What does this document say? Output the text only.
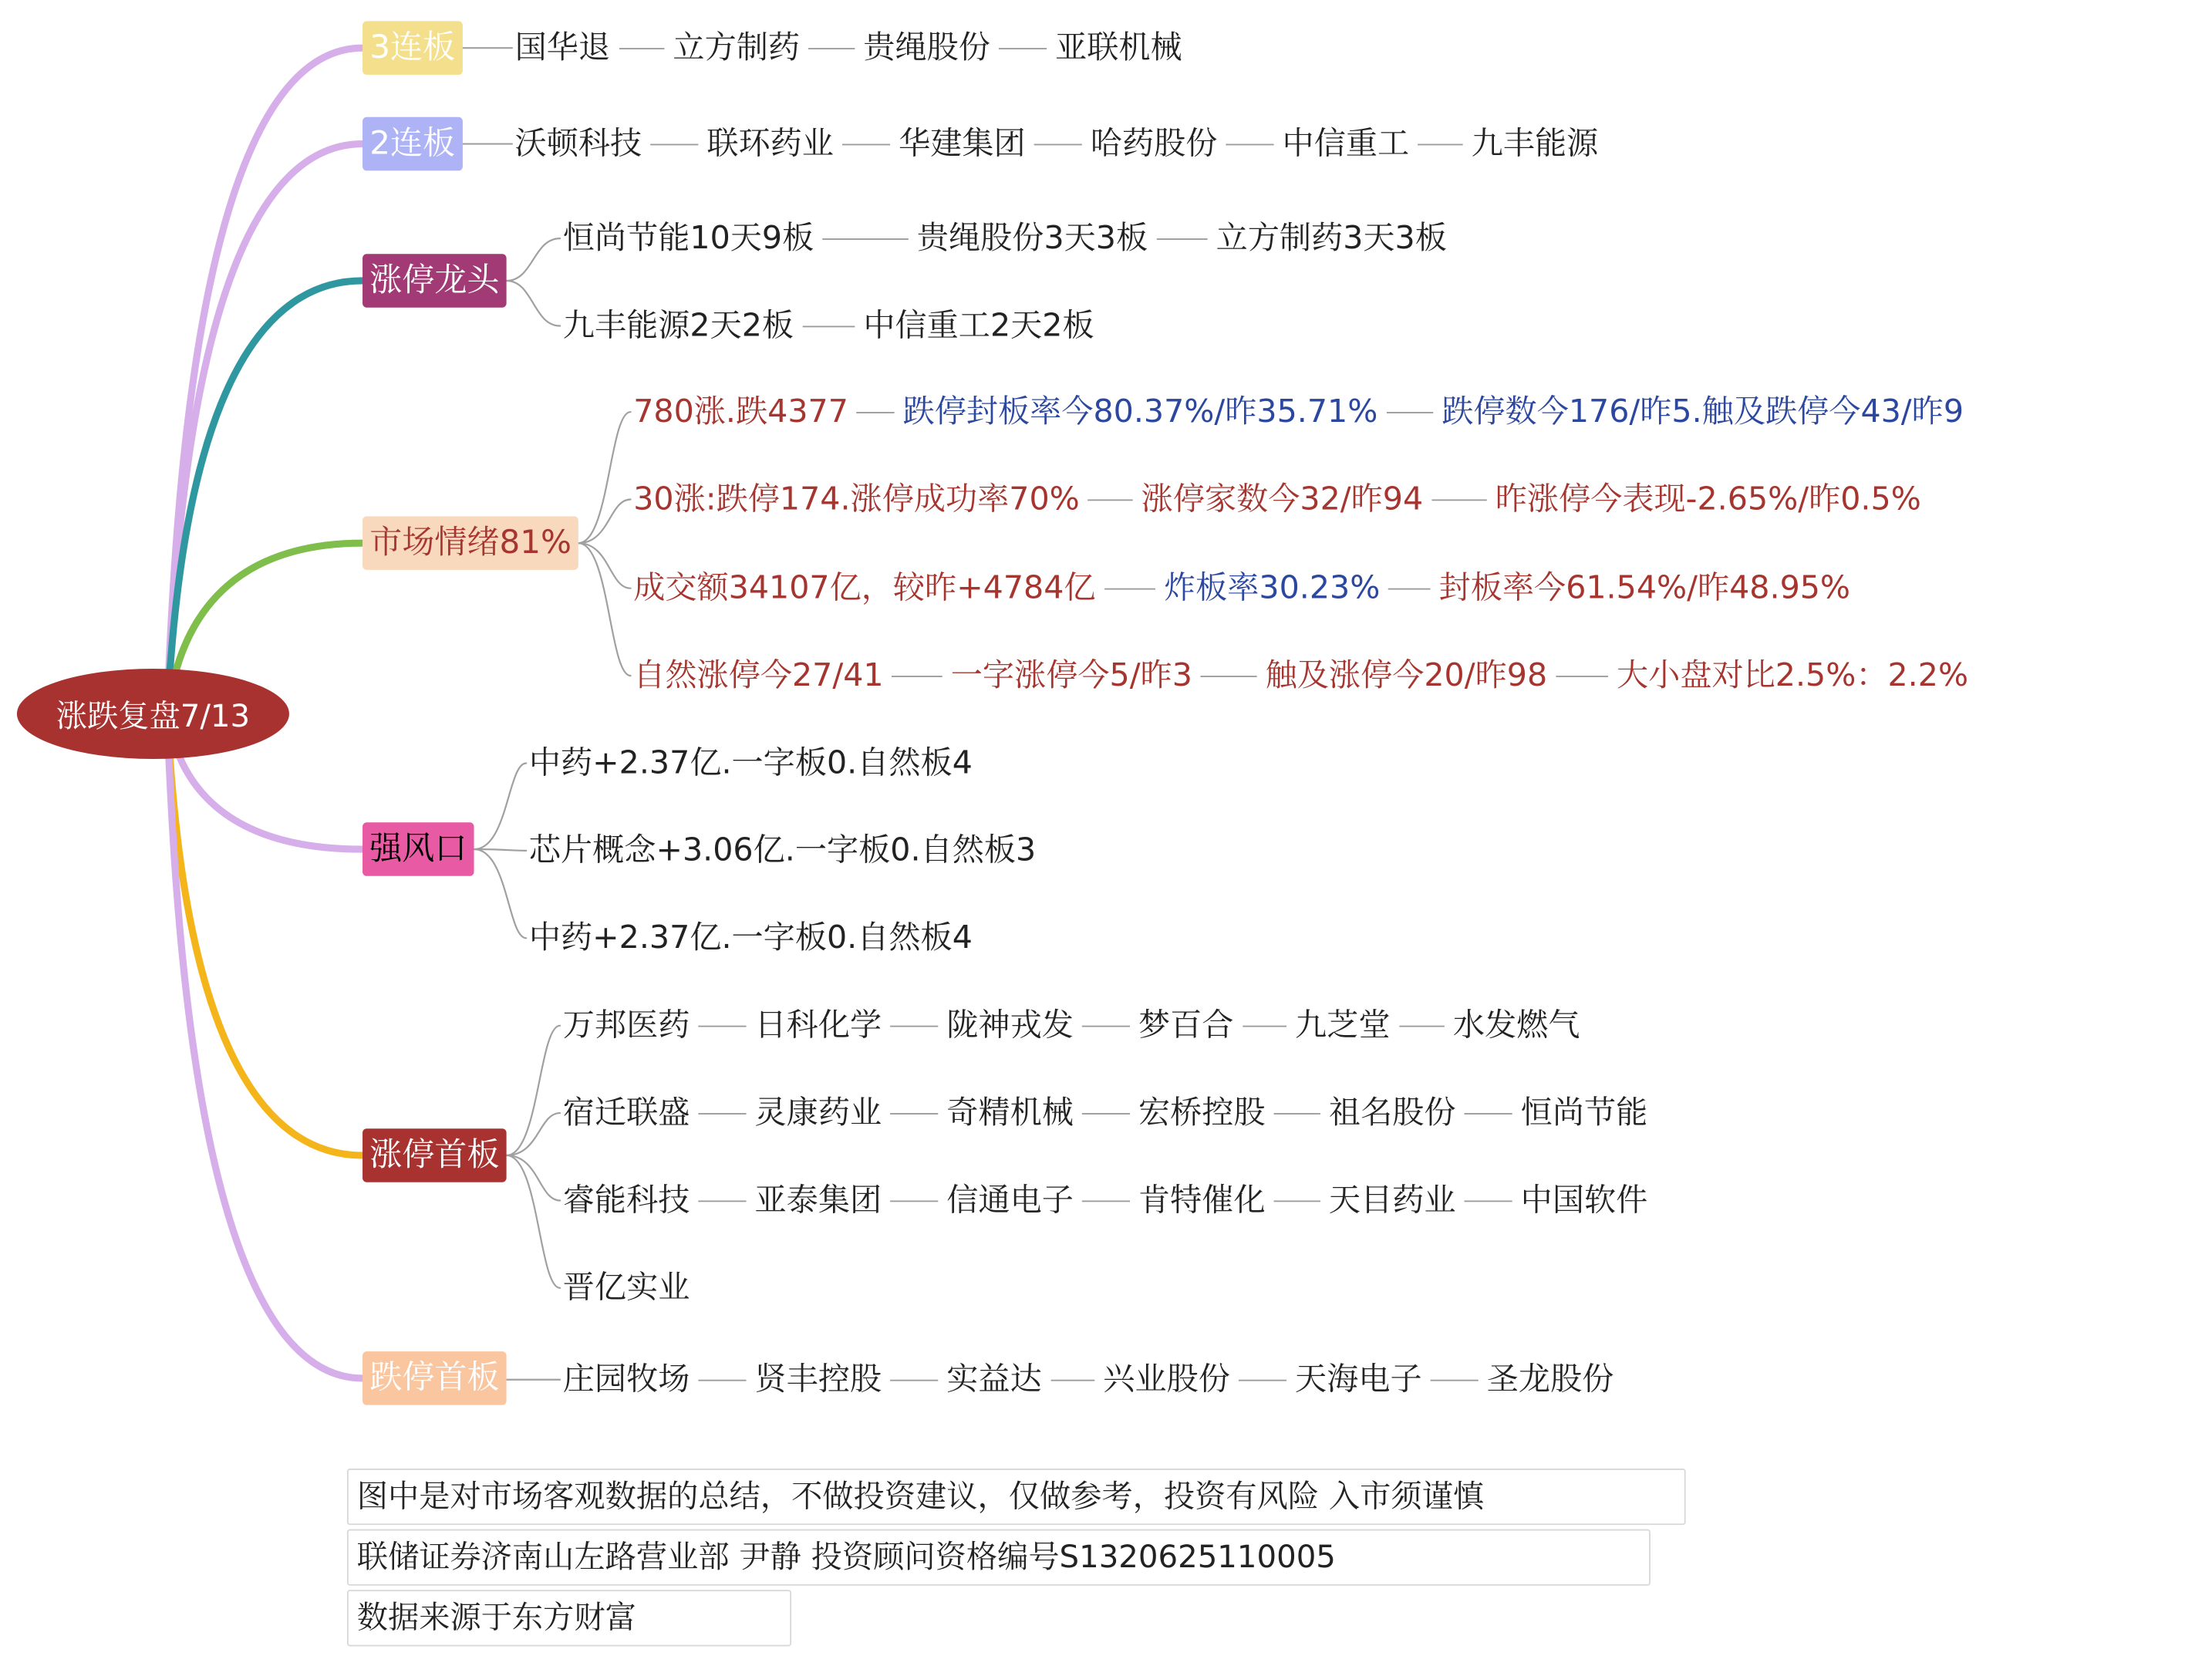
涨跌复盘7/13
3连板	国华退	立方制药	贵绳股份	亚联机械
2连板	沃顿科技	联环药业	华建集团	哈药股份	中信重工	九丰能源
涨停龙头
恒尚节能10天9板	贵绳股份3天3板	立方制药3天3板
九丰能源2天2板	中信重工2天2板
市场情绪81%
780涨.跌4377	跌停封板率今80.37%/昨35.71%	跌停数今176/昨5.触及跌停今43/昨9
30涨:跌停174.涨停成功率70%	涨停家数今32/昨94	昨涨停今表现-2.65%/昨0.5%
成交额34107亿，较昨+4784亿	炸板率30.23%	封板率今61.54%/昨48.95%
自然涨停今27/41	一字涨停今5/昨3	触及涨停今20/昨98	大小盘对比2.5%：2.2%
强风口
中药+2.37亿.一字板0.自然板4
芯片概念+3.06亿.一字板0.自然板3
中药+2.37亿.一字板0.自然板4
涨停首板
万邦医药	日科化学	陇神戎发	梦百合	九芝堂	水发燃气
宿迁联盛	灵康药业	奇精机械	宏桥控股	祖名股份	恒尚节能
睿能科技	亚泰集团	信通电子	肯特催化	天目药业	中国软件
晋亿实业
跌停首板	庄园牧场	贤丰控股	实益达	兴业股份	天海电子	圣龙股份
图中是对市场客观数据的总结，不做投资建议，仅做参考，投资有风险 入市须谨慎
联储证券济南山左路营业部 尹静 投资顾问资格编号S1320625110005
数据来源于东方财富
